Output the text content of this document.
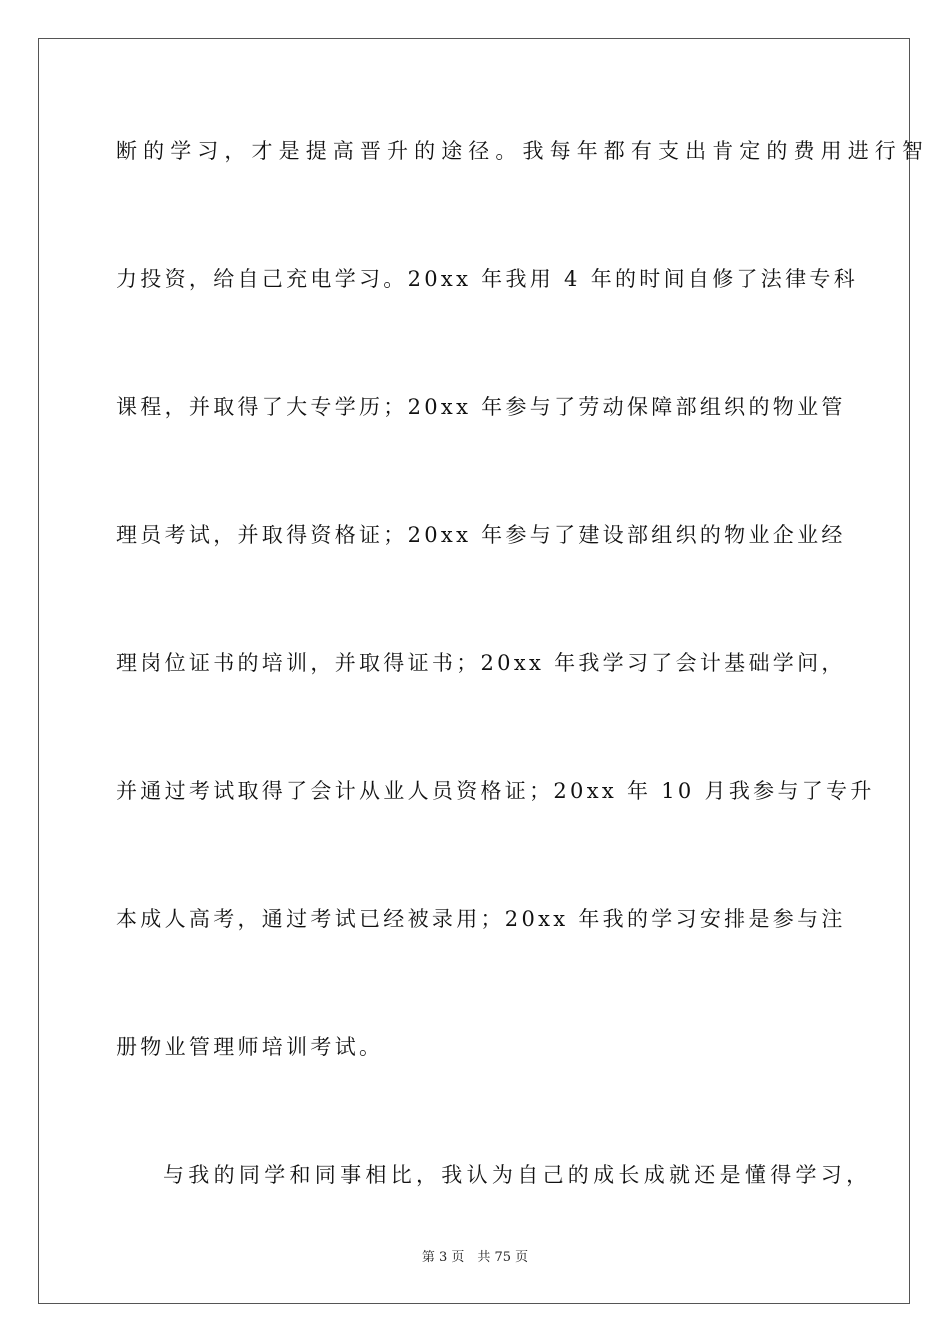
断的学习，才是提高晋升的途径。我每年都有支出肯定的费用进行智
力投资，给自己充电学习。20xx 年我用 4 年的时间自修了法律专科
课程，并取得了大专学历；20xx 年参与了劳动保障部组织的物业管
理员考试，并取得资格证；20xx 年参与了建设部组织的物业企业经
理岗位证书的培训，并取得证书；20xx 年我学习了会计基础学问，
并通过考试取得了会计从业人员资格证；20xx 年 10 月我参与了专升
本成人高考，通过考试已经被录用；20xx 年我的学习安排是参与注
册物业管理师培训考试。
与我的同学和同事相比，我认为自己的成长成就还是懂得学习，
第 3 页　共 75 页
